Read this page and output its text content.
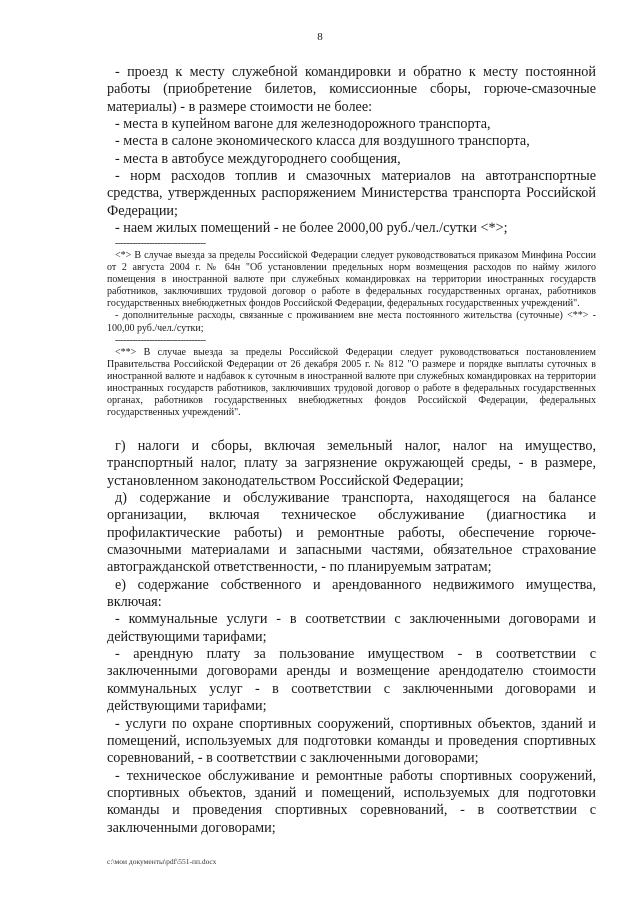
8

- проезд к месту служебной командировки и обратно к месту постоянной работы (приобретение билетов, комиссионные сборы, горюче-смазочные материалы) - в размере стоимости не более:

- места в купейном вагоне для железнодорожного транспорта,

- места в салоне экономического класса для воздушного транспорта,

- места в автобусе междугороднего сообщения,

- норм расходов топлив и смазочных материалов на автотранспортные средства, утвержденных распоряжением Министерства транспорта Российской Федерации;

- наем жилых помещений - не более 2000,00 руб./чел./сутки <*>;

--------------------------------

<*> В случае выезда за пределы Российской Федерации следует руководствоваться приказом Минфина России от 2 августа 2004 г. № 64н "Об установлении предельных норм возмещения расходов по найму жилого помещения в иностранной валюте при служебных командировках на территории иностранных государств работников, заключивших трудовой договор о работе в федеральных государственных органах, работников государственных внебюджетных фондов Российской Федерации, федеральных государственных учреждений".

- дополнительные расходы, связанные с проживанием вне места постоянного жительства (суточные) <**> - 100,00 руб./чел./сутки;

--------------------------------

<**> В случае выезда за пределы Российской Федерации следует руководствоваться постановлением Правительства Российской Федерации от 26 декабря 2005 г. № 812 "О размере и порядке выплаты суточных в иностранной валюте и надбавок к суточным в иностранной валюте при служебных командировках на территории иностранных государств работников, заключивших трудовой договор о работе в федеральных государственных органах, работников государственных внебюджетных фондов Российской Федерации, федеральных государственных учреждений".

г) налоги и сборы, включая земельный налог, налог на имущество, транспортный налог, плату за загрязнение окружающей среды, - в размере, установленном законодательством Российской Федерации;

д) содержание и обслуживание транспорта, находящегося на балансе организации, включая техническое обслуживание (диагностика и профилактические работы) и ремонтные работы, обеспечение горюче-смазочными материалами и запасными частями, обязательное страхование автогражданской ответственности, - по планируемым затратам;

е) содержание собственного и арендованного недвижимого имущества, включая:

- коммунальные услуги - в соответствии с заключенными договорами и действующими тарифами;

- арендную плату за пользование имуществом - в соответствии с заключенными договорами аренды и возмещение арендодателю стоимости коммунальных услуг - в соответствии с заключенными договорами и действующими тарифами;

- услуги по охране спортивных сооружений, спортивных объектов, зданий и помещений, используемых для подготовки команды и проведения спортивных соревнований, - в соответствии с заключенными договорами;

- техническое обслуживание и ремонтные работы спортивных сооружений, спортивных объектов, зданий и помещений, используемых для подготовки команды и проведения спортивных соревнований, - в соответствии с заключенными договорами;

c:\мои документы\pdf\551-пп.docx
